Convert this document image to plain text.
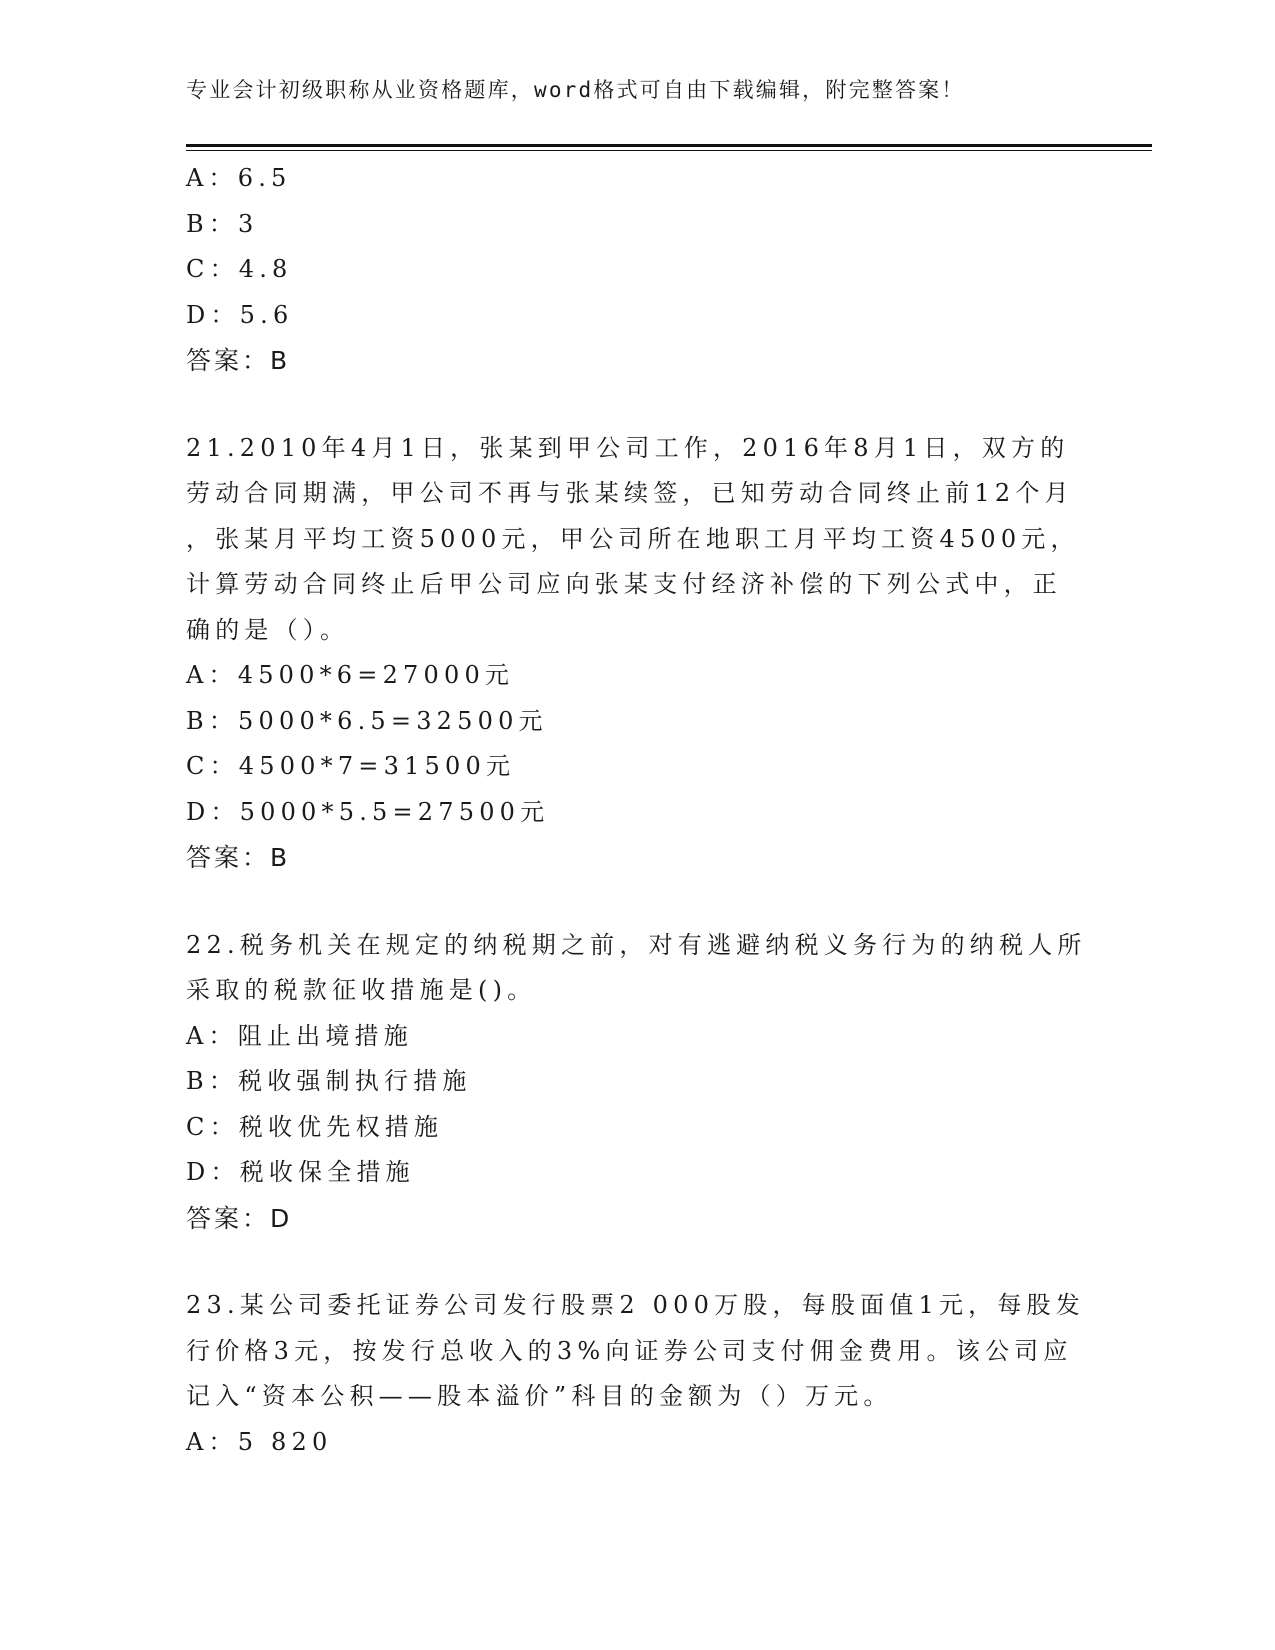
专业会计初级职称从业资格题库，word格式可自由下载编辑，附完整答案！
A：6.5
B：3
C：4.8
D：5.6
答案：B
21.2010年4月1日，张某到甲公司工作，2016年8月1日，双方的
劳动合同期满，甲公司不再与张某续签，已知劳动合同终止前12个月
，张某月平均工资5000元，甲公司所在地职工月平均工资4500元，
计算劳动合同终止后甲公司应向张某支付经济补偿的下列公式中，正
确的是（）。
A：4500*6=27000元
B：5000*6.5=32500元
C：4500*7=31500元
D：5000*5.5=27500元
答案：B
22.税务机关在规定的纳税期之前，对有逃避纳税义务行为的纳税人所
采取的税款征收措施是()。
A：阻止出境措施
B：税收强制执行措施
C：税收优先权措施
D：税收保全措施
答案：D
23.某公司委托证券公司发行股票2 000万股，每股面值1元，每股发
行价格3元，按发行总收入的3%向证券公司支付佣金费用。该公司应
记入“资本公积——股本溢价”科目的金额为（）万元。
A：5 820
